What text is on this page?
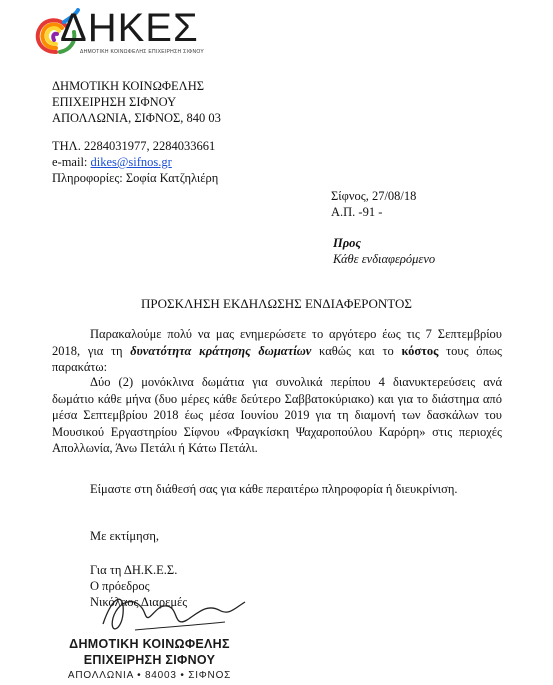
ΔΗΚΕΣ
ΔΗΜΟΤΙΚΗ ΚΟΙΝΩΦΕΛΗΣ ΕΠΙΧΕΙΡΗΣΗ ΣΙΦΝΟΥ
ΔΗΜΟΤΙΚΗ ΚΟΙΝΩΦΕΛΗΣ
ΕΠΙΧΕΙΡΗΣΗ ΣΙΦΝΟΥ
ΑΠΟΛΛΩΝΙΑ, ΣΙΦΝΟΣ, 840 03
ΤΗΛ. 2284031977, 2284033661
e-mail: dikes@sifnos.gr
Πληροφορίες: Σοφία Κατζηλιέρη
Σίφνος, 27/08/18
Α.Π. -91 -
Προς
Κάθε ενδιαφερόμενο
ΠΡΟΣΚΛΗΣΗ ΕΚΔΗΛΩΣΗΣ ΕΝΔΙΑΦΕΡΟΝΤΟΣ
Παρακαλούμε πολύ να μας ενημερώσετε το αργότερο έως τις 7 Σεπτεμβρίου 2018, για τη δυνατότητα κράτησης δωματίων καθώς και το κόστος τους όπως παρακάτω:
Δύο (2) μονόκλινα δωμάτια για συνολικά περίπου 4 διανυκτερεύσεις ανά δωμάτιο κάθε μήνα (δυο μέρες κάθε δεύτερο Σαββατοκύριακο) και για το διάστημα από μέσα Σεπτεμβρίου 2018 έως μέσα Ιουνίου 2019 για τη διαμονή των δασκάλων του Μουσικού Εργαστηρίου Σίφνου «Φραγκίσκη Ψαχαροπούλου Καρόρη» στις περιοχές Απολλωνία, Άνω Πετάλι ή Κάτω Πετάλι.
Είμαστε στη διάθεσή σας για κάθε περαιτέρω πληροφορία ή διευκρίνιση.
Με εκτίμηση,
Για τη ΔΗ.Κ.Ε.Σ.
Ο πρόεδρος
Νικόλαος Διαρεμές
ΔΗΜΟΤΙΚΗ ΚΟΙΝΩΦΕΛΗΣ
ΕΠΙΧΕΙΡΗΣΗ ΣΙΦΝΟΥ
ΑΠΟΛΛΩΝΙΑ • 84003 • ΣΙΦΝΟΣ
